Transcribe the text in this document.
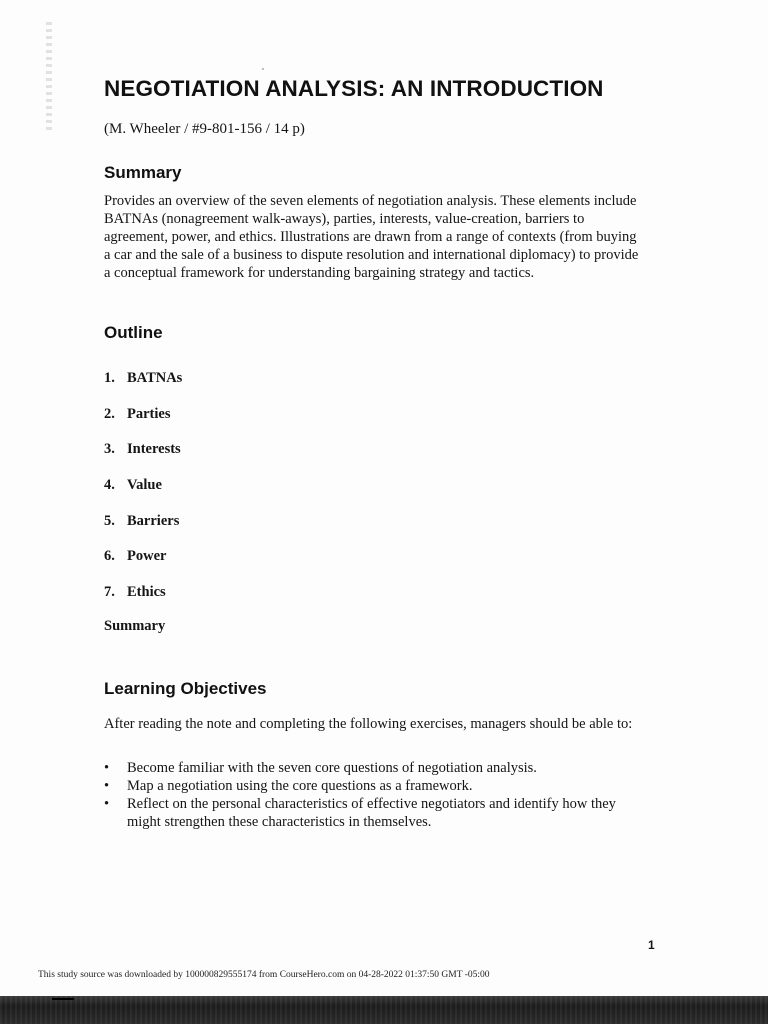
NEGOTIATION ANALYSIS: AN INTRODUCTION
(M. Wheeler / #9-801-156 / 14 p)
Summary

Provides an overview of the seven elements of negotiation analysis. These elements include BATNAs (nonagreement walk-aways), parties, interests, value-creation, barriers to agreement, power, and ethics. Illustrations are drawn from a range of contexts (from buying a car and the sale of a business to dispute resolution and international diplomacy) to provide a conceptual framework for understanding bargaining strategy and tactics.

Outline
1. BATNAs
2. Parties
3. Interests
4. Value
5. Barriers
6. Power
7. Ethics
Summary
Learning Objectives

After reading the note and completing the following exercises, managers should be able to:

• Become familiar with the seven core questions of negotiation analysis.
• Map a negotiation using the core questions as a framework.
• Reflect on the personal characteristics of effective negotiators and identify how they might strengthen these characteristics in themselves.
1
This study source was downloaded by 100000829555174 from CourseHero.com on 04-28-2022 01:37:50 GMT -05:00
